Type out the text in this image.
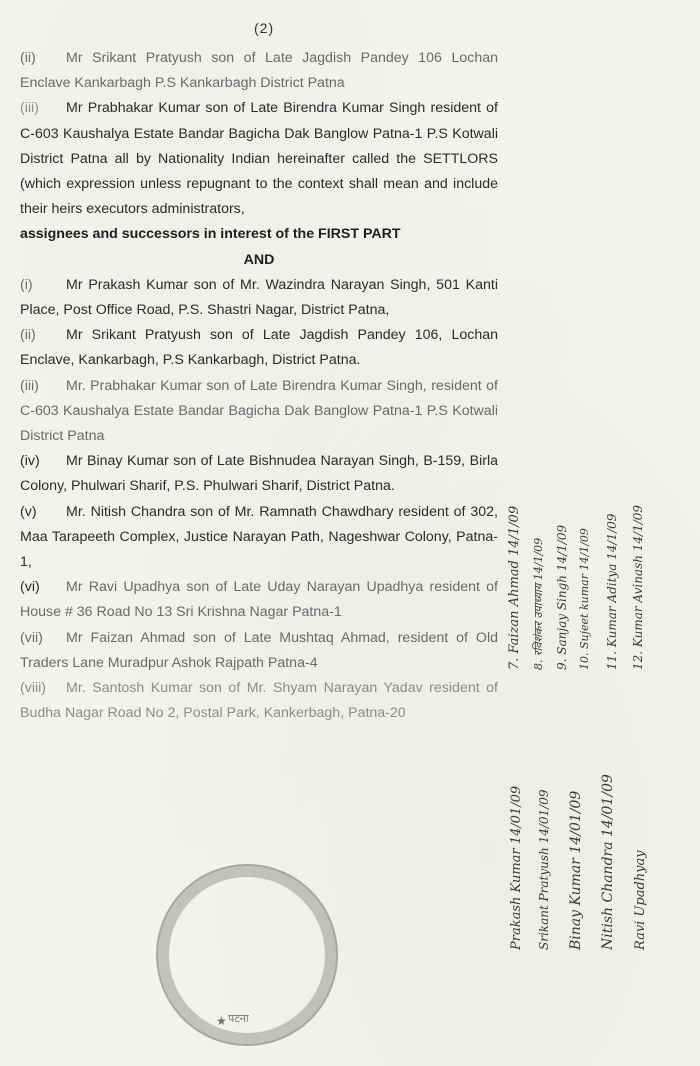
(2)

(ii) Mr Srikant Pratyush son of Late Jagdish Pandey 106 Lochan Enclave Kankarbagh P.S Kankarbagh District Patna

(iii) Mr Prabhakar Kumar son of Late Birendra Kumar Singh resident of C-603 Kaushalya Estate Bandar Bagicha Dak Banglow Patna-1 P.S Kotwali District Patna all by Nationality Indian hereinafter called the SETTLORS (which expression unless repugnant to the context shall mean and include their heirs executors administrators,

assignees and successors in interest of the FIRST PART

AND

(i) Mr Prakash Kumar son of Mr. Wazindra Narayan Singh, 501 Kanti Place, Post Office Road, P.S. Shastri Nagar, District Patna,

(ii) Mr Srikant Pratyush son of Late Jagdish Pandey 106, Lochan Enclave, Kankarbagh, P.S Kankarbagh, District Patna.

(iii) Mr. Prabhakar Kumar son of Late Birendra Kumar Singh, resident of C-603 Kaushalya Estate Bandar Bagicha Dak Banglow Patna-1 P.S Kotwali District Patna

(iv) Mr Binay Kumar son of Late Bishnudea Narayan Singh, B-159, Birla Colony, Phulwari Sharif, P.S. Phulwari Sharif, District Patna.

(v) Mr. Nitish Chandra son of Mr. Ramnath Chawdhary resident of 302, Maa Tarapeeth Complex, Justice Narayan Path, Nageshwar Colony, Patna-1,

(vi) Mr Ravi Upadhya son of Late Uday Narayan Upadhya resident of House # 36 Road No 13 Sri Krishna Nagar Patna-1

(vii) Mr Faizan Ahmad son of Late Mushtaq Ahmad, resident of Old Traders Lane Muradpur Ashok Rajpath Patna-4

(viii) Mr. Santosh Kumar son of Mr. Shyam Narayan Yadav resident of Budha Nagar Road No 2, Postal Park, Kankerbagh, Patna-20

★ पटना
7. Faizan Ahmad 14/1/09 8. रविशंकर उपाध्याय 14/1/09 9. Sanjay Singh 14/1/09 10. Sujeet kumar 14/1/09 11. Kumar Aditya 14/1/09 12. Kumar Avinash 14/1/09
Prakash Kumar 14/01/09 Srikant Pratyush 14/01/09 Binay Kumar 14/01/09 Nitish Chandra 14/01/09 Ravi Upadhyay
